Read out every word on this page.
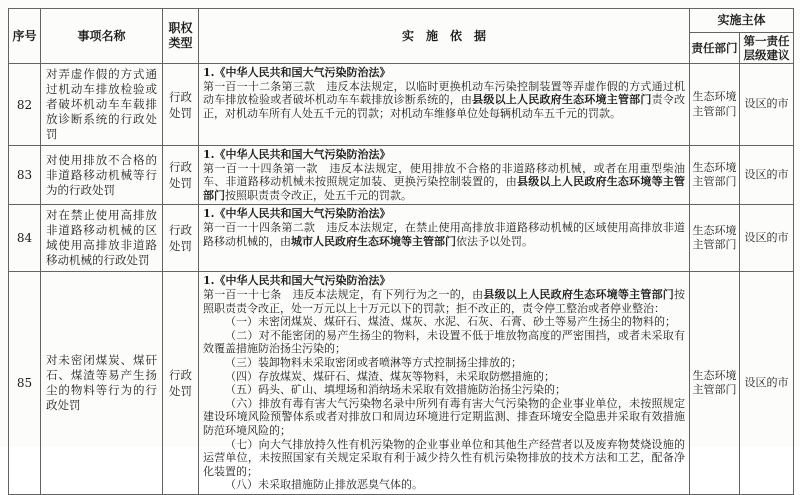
序号	事项名称	职权类型	实　施　依　据	实施主体	
				责任部门	第一责任层级建议
82	对弄虚作假的方式通过机动车排放检验或者破坏机动车车载排放诊断系统的行政处罚	行政处罚	1.《中华人民共和国大气污染防治法》

第一百一十二条第三款　违反本法规定，以临时更换机动车污染控制装置等弄虚作假的方式通过机动车排放检验或者破坏机动车车载排放诊断系统的，由县级以上人民政府生态环境主管部门责令改正，对机动车所有人处五千元的罚款；对机动车维修单位处每辆机动车五千元的罚款。	生态环境主管部门	设区的市
83	对使用排放不合格的非道路移动机械等行为的行政处罚	行政处罚	1.《中华人民共和国大气污染防治法》

第一百一十四条第一款　违反本法规定，使用排放不合格的非道路移动机械，或者在用重型柴油车、非道路移动机械未按照规定加装、更换污染控制装置的，由县级以上人民政府生态环境等主管部门按照职责责令改正，处五千元的罚款。	生态环境主管部门	设区的市
84	对在禁止使用高排放非道路移动机械的区域使用高排放非道路移动机械的行政处罚	行政处罚	1.《中华人民共和国大气污染防治法》

第一百一十四条第二款　违反本法规定，在禁止使用高排放非道路移动机械的区域使用高排放非道路移动机械的，由城市人民政府生态环境等主管部门依法予以处罚。	生态环境主管部门	设区的市
85	对未密闭煤炭、煤矸石、煤渣等易产生扬尘的物料等行为的行政处罚	行政处罚	

1.《中华人民共和国大气污染防治法》

第一百一十七条　违反本法规定，有下列行为之一的，由县级以上人民政府生态环境等主管部门按照职责责令改正，处一万元以上十万元以下的罚款；拒不改正的，责令停工整治或者停业整治：

（一）未密闭煤炭、煤矸石、煤渣、煤灰、水泥、石灰、石膏、砂土等易产生扬尘的物料的；

（二）对不能密闭的易产生扬尘的物料，未设置不低于堆放物高度的严密围挡，或者未采取有效覆盖措施防治扬尘污染的；

（三）装卸物料未采取密闭或者喷淋等方式控制扬尘排放的；

（四）存放煤炭、煤矸石、煤渣、煤灰等物料，未采取防燃措施的；

（五）码头、矿山、填埋场和消纳场未采取有效措施防治扬尘污染的；

（六）排放有毒有害大气污染物名录中所列有毒有害大气污染物的企业事业单位，未按照规定建设环境风险预警体系或者对排放口和周边环境进行定期监测、排查环境安全隐患并采取有效措施防范环境风险的；

（七）向大气排放持久性有机污染物的企业事业单位和其他生产经营者以及废弃物焚烧设施的运营单位，未按照国家有关规定采取有利于减少持久性有机污染物排放的技术方法和工艺，配备净化装置的；

（八）未采取措施防止排放恶臭气体的。

	生态环境主管部门	设区的市
